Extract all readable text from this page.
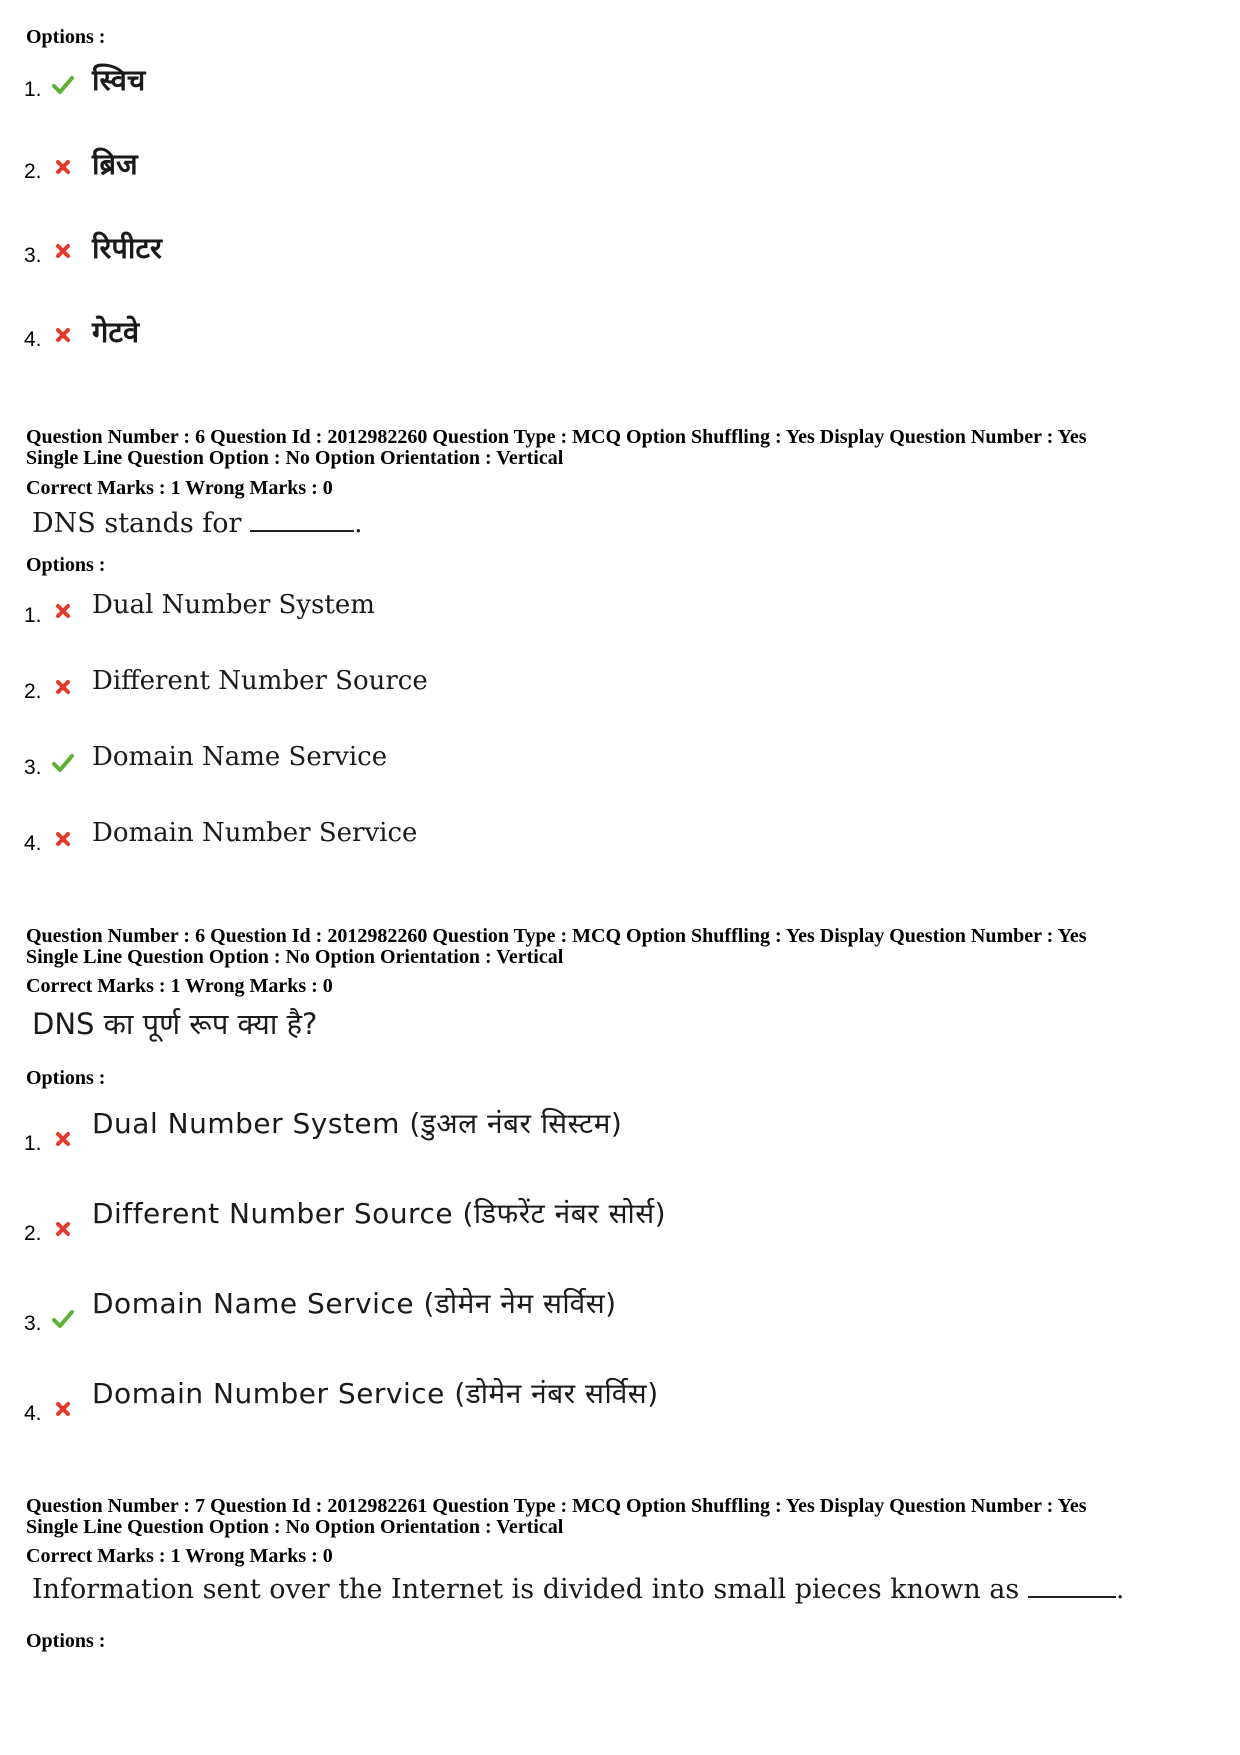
Options :
1. स्विच
2. ब्रिज
3. रिपीटर
4. गेटवे
Question Number : 6 Question Id : 2012982260 Question Type : MCQ Option Shuffling : Yes Display Question Number : Yes
Single Line Question Option : No Option Orientation : Vertical
Correct Marks : 1 Wrong Marks : 0
DNS stands for	.
Options :
1. Dual Number System
2. Different Number Source
3. Domain Name Service
4. Domain Number Service
Question Number : 6 Question Id : 2012982260 Question Type : MCQ Option Shuffling : Yes Display Question Number : Yes
Single Line Question Option : No Option Orientation : Vertical
Correct Marks : 1 Wrong Marks : 0
DNS का पूर्ण रूप क्या है?
Options :
1.
Dual Number System (डुअल नंबर सिस्टम)
2.
Different Number Source (डिफरेंट नंबर सोर्स)
3.
Domain Name Service (डोमेन नेम सर्विस)
4.
Domain Number Service (डोमेन नंबर सर्विस)
Question Number : 7 Question Id : 2012982261 Question Type : MCQ Option Shuffling : Yes Display Question Number : Yes
Single Line Question Option : No Option Orientation : Vertical
Correct Marks : 1 Wrong Marks : 0
Information sent over the Internet is divided into small pieces known as	.
Options :
